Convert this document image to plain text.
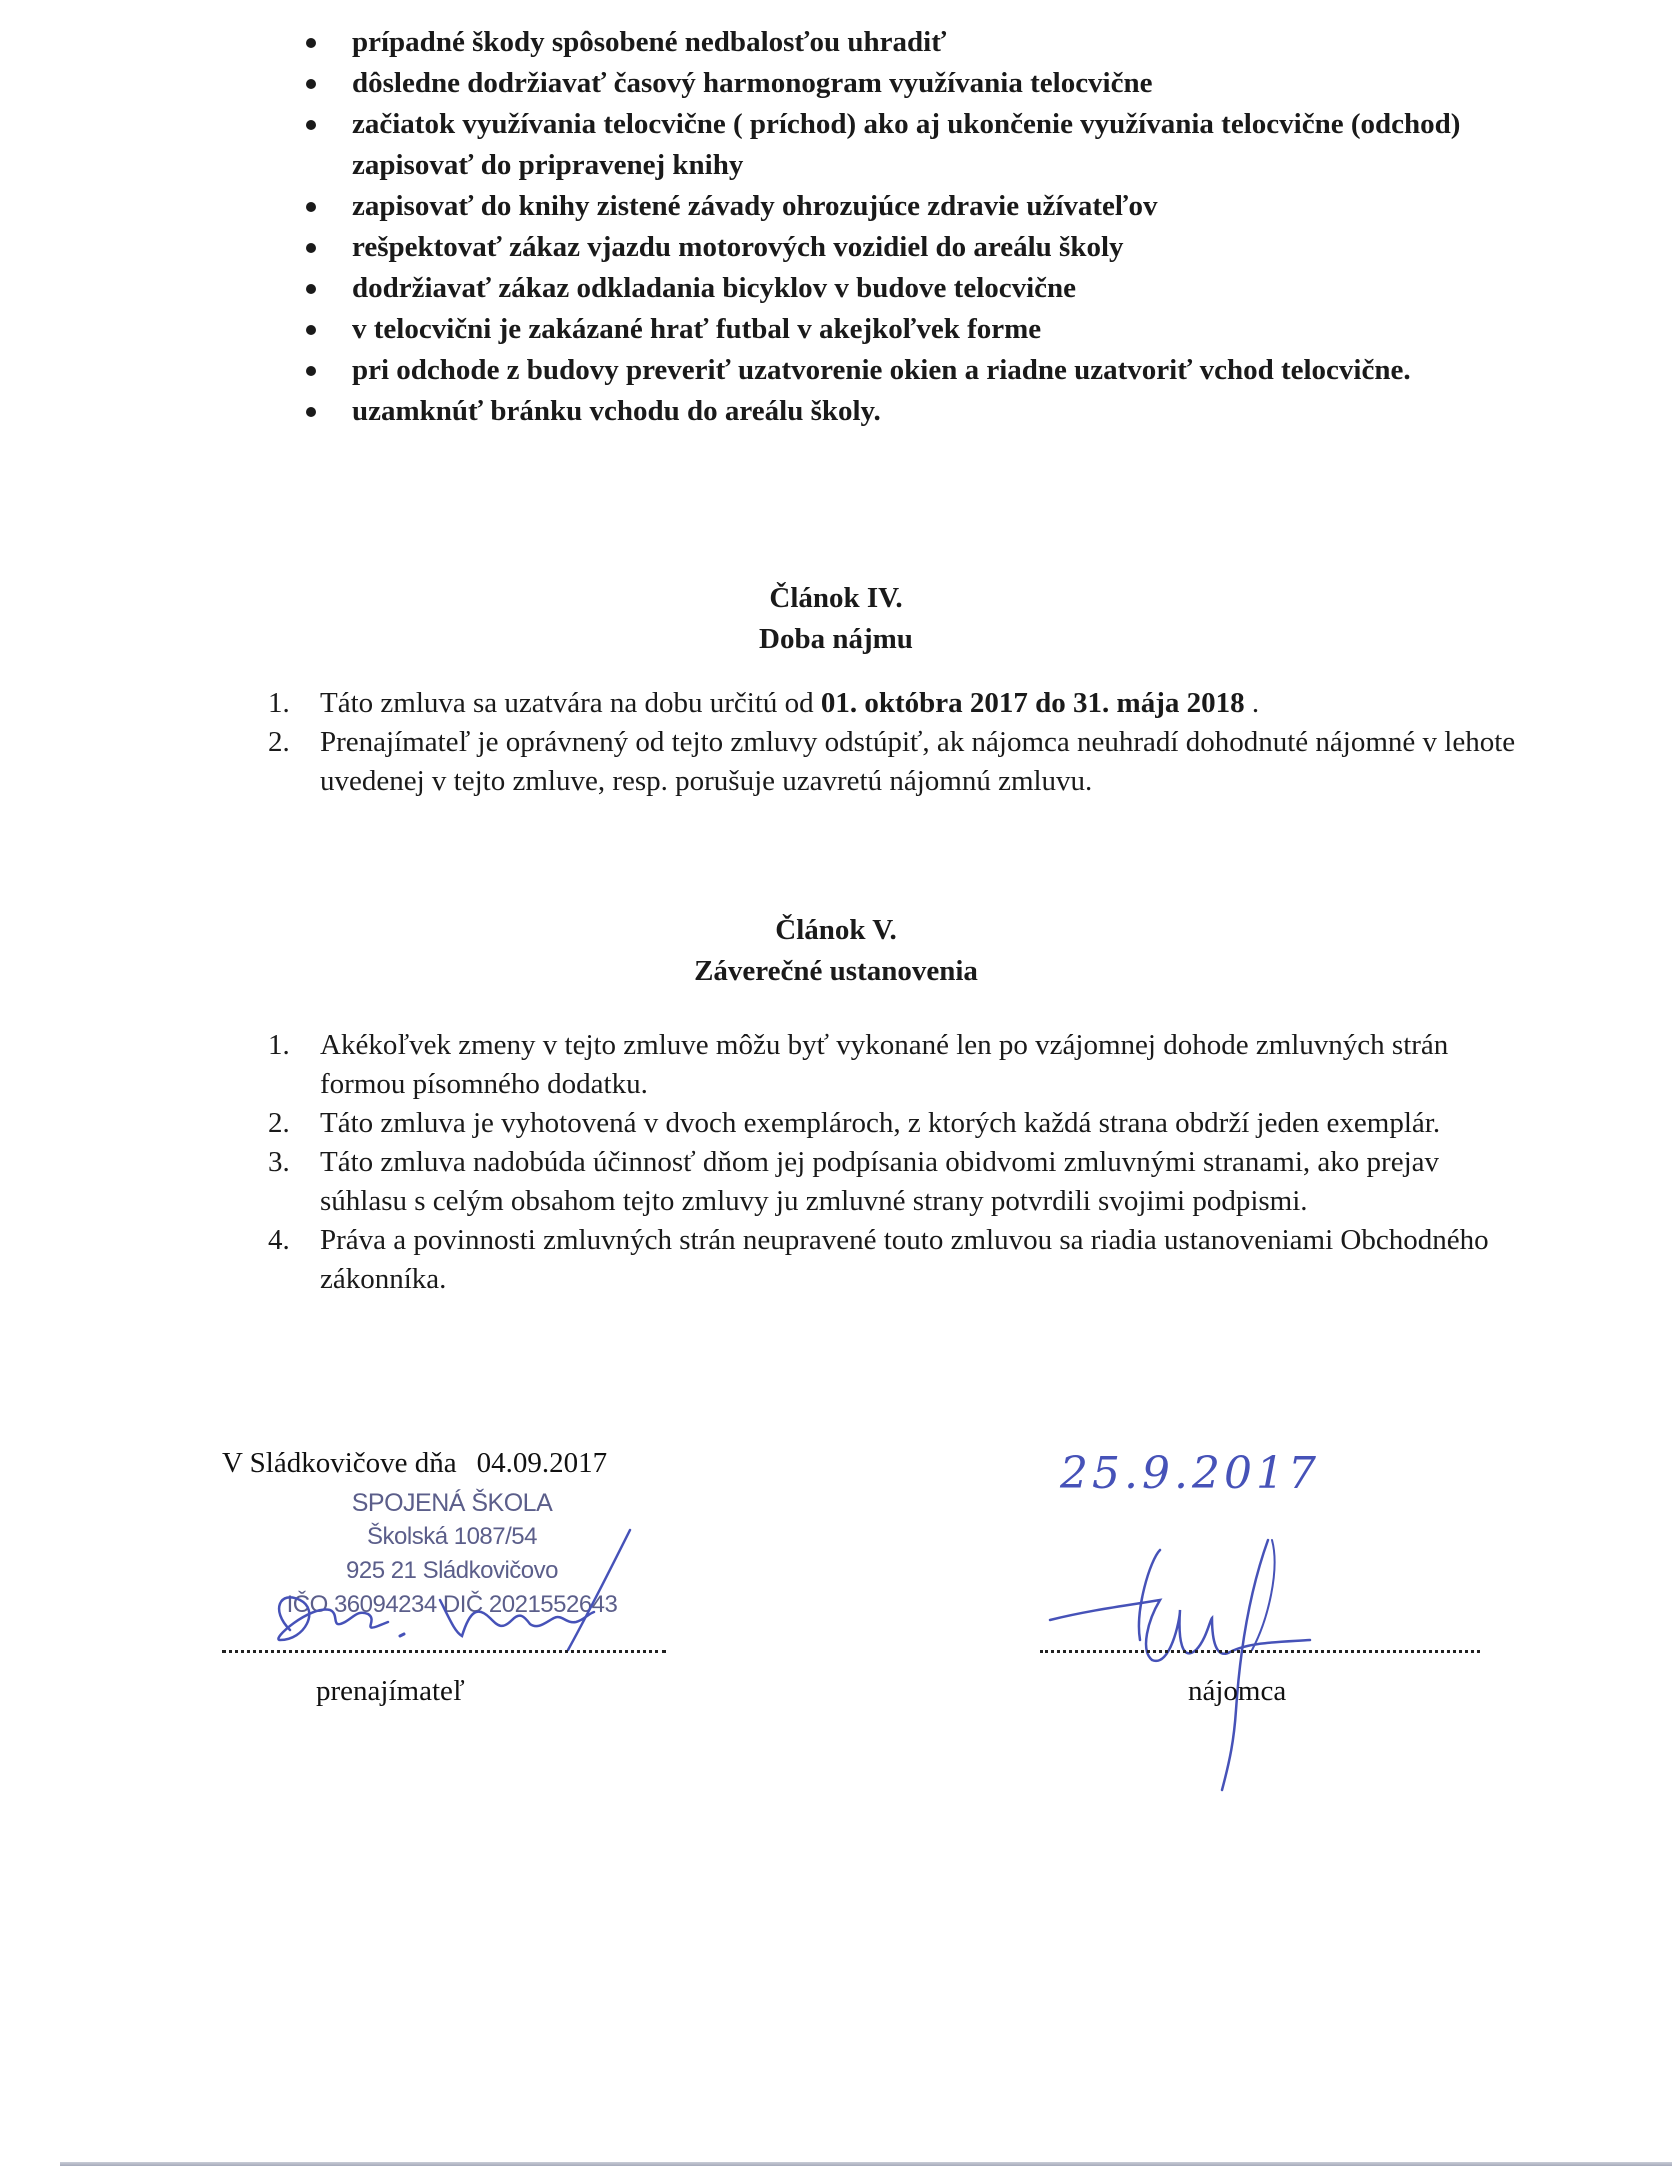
prípadné škody spôsobené nedbalosťou uhradiť
dôsledne dodržiavať časový harmonogram využívania telocvične
začiatok využívania telocvične ( príchod) ako aj ukončenie využívania telocvične (odchod) zapisovať do pripravenej knihy
zapisovať do knihy zistené závady ohrozujúce zdravie užívateľov
rešpektovať zákaz vjazdu motorových vozidiel do areálu školy
dodržiavať zákaz odkladania bicyklov v budove telocvične
v telocvični je zakázané hrať futbal v akejkoľvek forme
pri odchode z budovy preveriť uzatvorenie okien a riadne uzatvoriť vchod telocvične.
uzamknúť bránku vchodu do areálu školy.
Článok IV.
Doba nájmu
1. Táto zmluva sa uzatvára na dobu určitú od 01. októbra 2017 do 31. mája 2018 .
2. Prenajímateľ je oprávnený od tejto zmluvy odstúpiť, ak nájomca neuhradí dohodnuté nájomné v lehote uvedenej v tejto zmluve, resp. porušuje uzavretú nájomnú zmluvu.
Článok V.
Záverečné ustanovenia
1. Akékoľvek zmeny v tejto zmluve môžu byť vykonané len po vzájomnej dohode zmluvných strán formou písomného dodatku.
2. Táto zmluva je vyhotovená v dvoch exemplároch, z ktorých každá strana obdrží jeden exemplár.
3. Táto zmluva nadobúda účinnosť dňom jej podpísania obidvomi zmluvnými stranami, ako prejav súhlasu s celým obsahom tejto zmluvy ju zmluvné strany potvrdili svojimi podpismi.
4. Práva a povinnosti zmluvných strán neupravené touto zmluvou sa riadia ustanoveniami Obchodného zákonníka.
V Sládkovičove dňa 04.09.2017
SPOJENÁ ŠKOLA
Školská 1087/54
925 21 Sládkovičovo
IČO 36094234 DIČ 2021552643
25.9.2017
prenajímateľ	nájomca
